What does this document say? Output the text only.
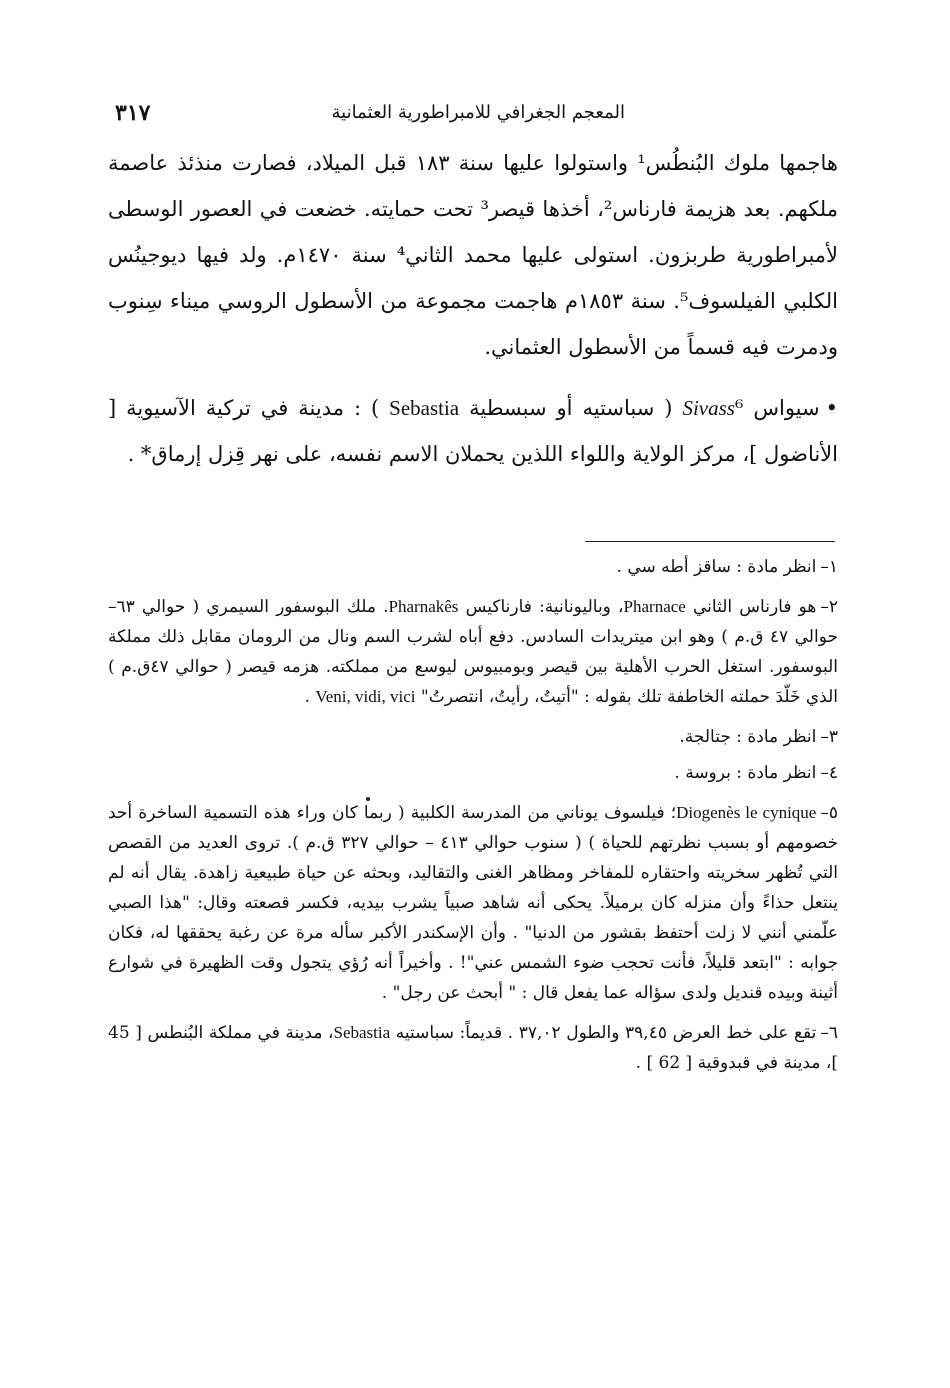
المعجم الجغرافي للامبراطورية العثمانية
٣١٧

هاجمها ملوك البُنطُس¹ واستولوا عليها سنة ١٨٣ قبل الميلاد، فصارت منذئذ عاصمة ملكهم. بعد هزيمة فارناس²، أخذها قيصر³ تحت حمايته. خضعت في العصور الوسطى لأمبراطورية طربزون. استولى عليها محمد الثاني⁴ سنة ١٤٧٠م. ولد فيها ديوجينُس الكلبي الفيلسوف⁵. سنة ١٨٥٣م هاجمت مجموعة من الأسطول الروسي ميناء سِنوب ودمرت فيه قسماً من الأسطول العثماني.

•سيواس Sivass⁶ ( سباستيه أو سبسطية Sebastia ) : مدينة في تركية الآسيوية [ الأناضول ]، مركز الولاية واللواء اللذين يحملان الاسم نفسه، على نهر قِزل إرماق* .

١–انظر مادة : ساقز أطه سي .

٢–هو فارناس الثاني Pharnace، وباليونانية: فارناكيس Pharnakês. ملك البوسفور السيمري ( حوالي ٦٣–حوالي ٤٧ ق.م ) وهو ابن ميتريدات السادس. دفع أباه لشرب السم ونال من الرومان مقابل ذلك مملكة البوسفور. استغل الحرب الأهلية بين قيصر وبومبيوس ليوسع من مملكته. هزمه قيصر ( حوالي ٤٧ق.م ) الذي خَلّدَ حملته الخاطفة تلك بقوله : "أتيتُ، رأيتُ، انتصرتُ" Veni, vidi, vici .

٣–انظر مادة : جتالجة.

٤–انظر مادة : بروسة .

٥–Diogenès le cynique؛ فيلسوف يوناني من المدرسة الكلبية ( ربما كان وراء هذه التسمية الساخرة أحد خصومهم أو بسبب نظرتهم للحياة ) ( سنوب حوالي ٤١٣ – حوالي ٣٢٧ ق.م ). تروى العديد من القصص التي تُظهر سخريته واحتقاره للمفاخر ومظاهر الغنى والتقاليد، وبحثه عن حياة طبيعية زاهدة. يقال أنه لم ينتعل حذاءً وأن منزله كان برميلاً. يحكى أنه شاهد صبياً يشرب بيديه، فكسر قصعته وقال: "هذا الصبي علّمني أنني لا زلت أحتفظ بقشور من الدنيا" . وأن الإسكندر الأكبر سأله مرة عن رغبة يحققها له، فكان جوابه : "ابتعد قليلاً، فأنت تحجب ضوء الشمس عني"! . وأخيراً أنه رُؤي يتجول وقت الظهيرة في شوارع أثينة وبيده قنديل ولدى سؤاله عما يفعل قال : " أبحث عن رجل" .

٦–تقع على خط العرض ٣٩,٤٥ والطول ٣٧,٠٢ . قديماً: سباستيه Sebastia، مدينة في مملكة البُنطس [ 45 ]، مدينة في قبدوقية [ 62 ] .
